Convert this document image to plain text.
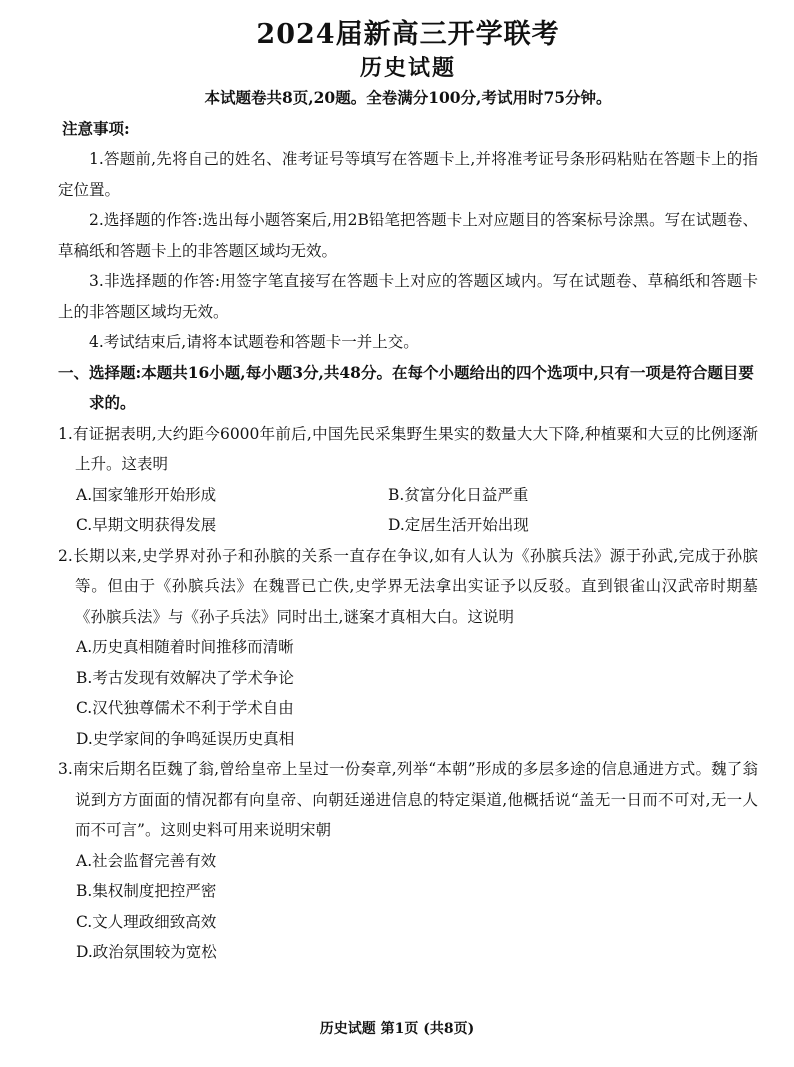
2024届新高三开学联考
历史试题

本试题卷共8页,20题。全卷满分100分,考试用时75分钟。

注意事项:

1.答题前,先将自己的姓名、准考证号等填写在答题卡上,并将准考证号条形码粘贴在答题卡上的指定位置。

2.选择题的作答:选出每小题答案后,用2B铅笔把答题卡上对应题目的答案标号涂黑。写在试题卷、草稿纸和答题卡上的非答题区域均无效。

3.非选择题的作答:用签字笔直接写在答题卡上对应的答题区域内。写在试题卷、草稿纸和答题卡上的非答题区域均无效。

4.考试结束后,请将本试题卷和答题卡一并上交。

一、选择题:本题共16小题,每小题3分,共48分。在每个小题给出的四个选项中,只有一项是符合题目要求的。

1.有证据表明,大约距今6000年前后,中国先民采集野生果实的数量大大下降,种植粟和大豆的比例逐渐上升。这表明

A.国家雏形开始形成	B.贫富分化日益严重

C.早期文明获得发展	D.定居生活开始出现

2.长期以来,史学界对孙子和孙膑的关系一直存在争议,如有人认为《孙膑兵法》源于孙武,完成于孙膑等。但由于《孙膑兵法》在魏晋已亡佚,史学界无法拿出实证予以反驳。直到银雀山汉武帝时期墓《孙膑兵法》与《孙子兵法》同时出土,谜案才真相大白。这说明

A.历史真相随着时间推移而清晰

B.考古发现有效解决了学术争论

C.汉代独尊儒术不利于学术自由

D.史学家间的争鸣延误历史真相

3.南宋后期名臣魏了翁,曾给皇帝上呈过一份奏章,列举“本朝”形成的多层多途的信息通进方式。魏了翁说到方方面面的情况都有向皇帝、向朝廷递进信息的特定渠道,他概括说“盖无一日而不可对,无一人而不可言”。这则史料可用来说明宋朝

A.社会监督完善有效

B.集权制度把控严密

C.文人理政细致高效

D.政治氛围较为宽松

历史试题 第1页 (共8页)
